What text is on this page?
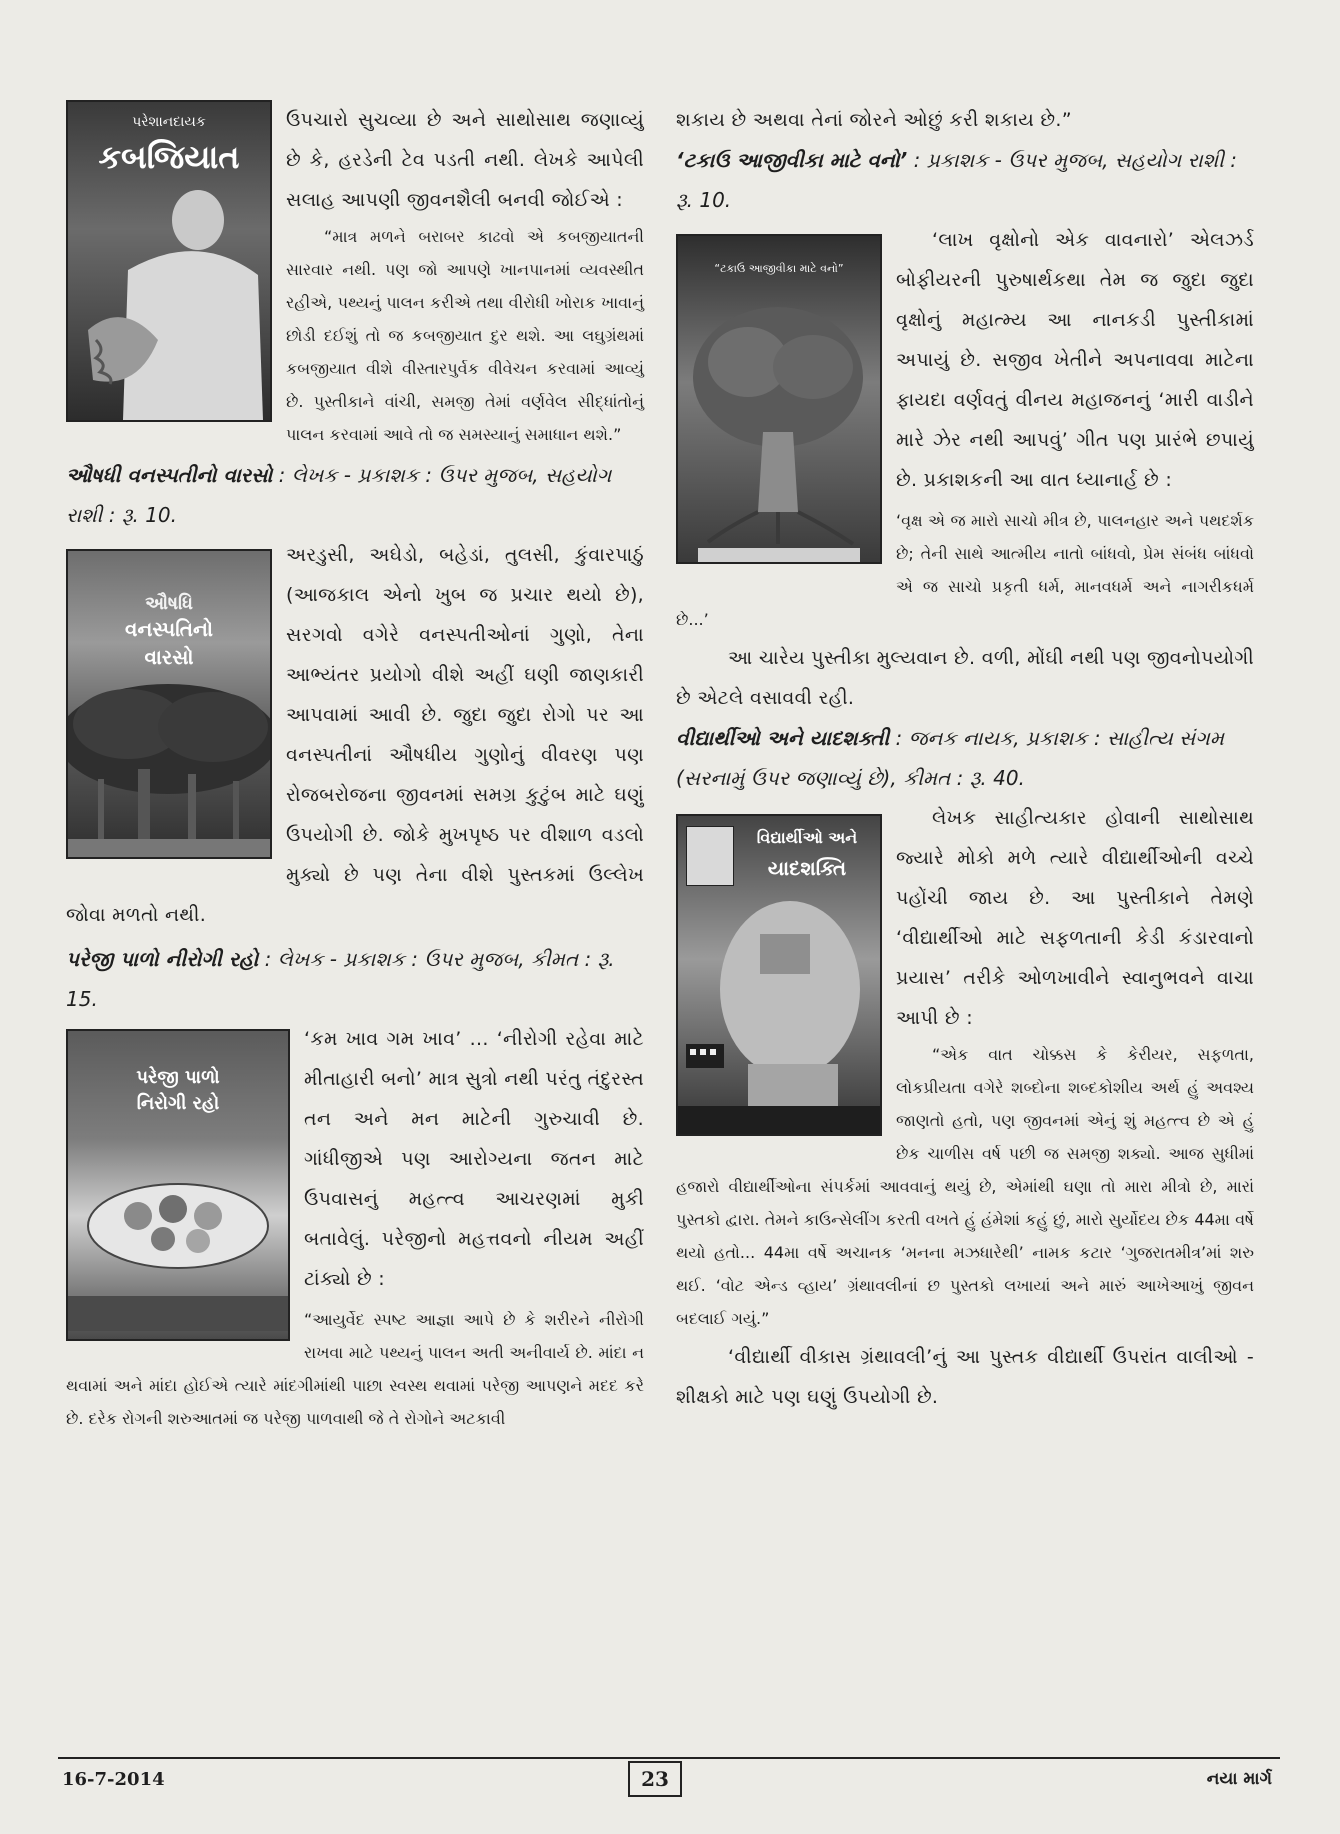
પરેશાનદાયક
કબજિયાત

ઉપચારો સુચવ્યા છે અને સાથોસાથ જણાવ્યું છે કે, હરડેની ટેવ પડતી નથી. લેખકે આપેલી સલાહ આપણી જીવનશૈલી બનવી જોઈએ :

“માત્ર મળને બરાબર કાઢવો એ કબજીયાતની સારવાર નથી. પણ જો આપણે ખાનપાનમાં વ્યવસ્થીત રહીએ, પથ્યનું પાલન કરીએ તથા વીરોધી ખોરાક ખાવાનું છોડી દઈશું તો જ કબજીયાત દુર થશે. આ લઘુગ્રંથમાં કબજીયાત વીશે વીસ્તારપુર્વક વીવેચન કરવામાં આવ્યું છે. પુસ્તીકાને વાંચી, સમજી તેમાં વર્ણવેલ સીદ્ધાંતોનું પાલન કરવામાં આવે તો જ સમસ્યાનું સમાધાન થશે.”

ઔષધી વનસ્પતીનો વારસો : લેખક - પ્રકાશક : ઉપર મુજબ, સહયોગ રાશી : રૂ. 10.

ઔષધિ
વનસ્પતિનો
વારસો

અરડુસી, અઘેડો, બહેડાં, તુલસી, કુંવારપાઠું (આજકાલ એનો ખુબ જ પ્રચાર થયો છે), સરગવો વગેરે વનસ્પતીઓનાં ગુણો, તેના આભ્યંતર પ્રયોગો વીશે અહીં ઘણી જાણકારી આપવામાં આવી છે. જુદા જુદા રોગો પર આ વનસ્પતીનાં ઔષધીય ગુણોનું વીવરણ પણ રોજબરોજના જીવનમાં સમગ્ર કુટુંબ માટે ઘણું ઉપયોગી છે. જોકે મુખપૃષ્ઠ પર વીશાળ વડલો મુક્યો છે પણ તેના વીશે પુસ્તકમાં ઉલ્લેખ જોવા મળતો નથી.

પરેજી પાળો નીરોગી રહો : લેખક - પ્રકાશક : ઉપર મુજબ, કીમત : રૂ. 15.

પરેજી પાળો
નિરોગી રહો

‘કમ ખાવ ગમ ખાવ’ ... ‘નીરોગી રહેવા માટે મીતાહારી બનો’ માત્ર સુત્રો નથી પરંતુ તંદુરસ્ત તન અને મન માટેની ગુરુચાવી છે. ગાંધીજીએ પણ આરોગ્યના જતન માટે ઉપવાસનું મહત્ત્વ આચરણમાં મુકી બતાવેલું. પરેજીનો મહત્તવનો નીયમ અહીં ટાંક્યો છે :

“આયુર્વેદ સ્પષ્ટ આજ્ઞા આપે છે કે શરીરને નીરોગી રાખવા માટે પથ્યનું પાલન અતી અનીવાર્ય છે. માંદા ન થવામાં અને માંદા હોઈએ ત્યારે માંદગીમાંથી પાછા સ્વસ્થ થવામાં પરેજી આપણને મદદ કરે છે. દરેક રોગની શરુઆતમાં જ પરેજી પાળવાથી જે તે રોગોને અટકાવી

શકાય છે અથવા તેનાં જોરને ઓછું કરી શકાય છે.”

‘ટકાઉ આજીવીકા માટે વનો’ : પ્રકાશક - ઉપર મુજબ, સહયોગ રાશી : રૂ. 10.

“ટકાઉ આજીવીકા માટે વનો”

‘લાખ વૃક્ષોનો એક વાવનારો’ એલઝર્ડ બોફીયરની પુરુષાર્થકથા તેમ જ જુદા જુદા વૃક્ષોનું મહાત્મ્ય આ નાનકડી પુસ્તીકામાં અપાયું છે. સજીવ ખેતીને અપનાવવા માટેના ફાયદા વર્ણવતું વીનય મહાજનનું ‘મારી વાડીને મારે ઝેર નથી આપવું’ ગીત પણ પ્રારંભે છપાયું છે. પ્રકાશકની આ વાત ધ્યાનાર્હ છે :

‘વૃક્ષ એ જ મારો સાચો મીત્ર છે, પાલનહાર અને પથદર્શક છે; તેની સાથે આત્મીય નાતો બાંધવો, પ્રેમ સંબંધ બાંધવો એ જ સાચો પ્રકૃતી ધર્મ, માનવધર્મ અને નાગરીકધર્મ છે...’

આ ચારેય પુસ્તીકા મુલ્યવાન છે. વળી, મોંઘી નથી પણ જીવનોપયોગી છે એટલે વસાવવી રહી.

વીદ્યાર્થીઓ અને યાદશક્તી : જનક નાયક, પ્રકાશક : સાહીત્ય સંગમ (સરનામું ઉપર જણાવ્યું છે), કીમત : રૂ. 40.

વિદ્યાર્થીઓ અને
યાદશક્તિ

લેખક સાહીત્યકાર હોવાની સાથોસાથ જ્યારે મોકો મળે ત્યારે વીદ્યાર્થીઓની વચ્ચે પહોંચી જાય છે. આ પુસ્તીકાને તેમણે ‘વીદ્યાર્થીઓ માટે સફળતાની કેડી કંડારવાનો પ્રયાસ’ તરીકે ઓળખાવીને સ્વાનુભવને વાચા આપી છે :

“એક વાત ચોક્કસ કે કેરીયર, સફળતા, લોકપ્રીયતા વગેરે શબ્દોના શબ્દકોશીય અર્થ હું અવશ્ય જાણતો હતો, પણ જીવનમાં એનું શું મહત્ત્વ છે એ હું છેક ચાળીસ વર્ષ પછી જ સમજી શક્યો. આજ સુધીમાં હજારો વીદ્યાર્થીઓના સંપર્કમાં આવવાનું થયું છે, એમાંથી ઘણા તો મારા મીત્રો છે, મારાં પુસ્તકો દ્વારા. તેમને કાઉન્સેલીંગ કરતી વખતે હું હંમેશાં કહું છું, મારો સુર્યોદય છેક 44મા વર્ષે થયો હતો... 44મા વર્ષે અચાનક ‘મનના મઝધારેથી’ નામક કટાર ‘ગુજરાતમીત્ર’માં શરુ થઈ. ‘વોટ એન્ડ વ્હાય’ ગ્રંથાવલીનાં છ પુસ્તકો લખાયાં અને મારું આખેઆખું જીવન બદલાઈ ગયું.”

‘વીદ્યાર્થી વીકાસ ગ્રંથાવલી’નું આ પુસ્તક વીદ્યાર્થી ઉપરાંત વાલીઓ - શીક્ષકો માટે પણ ઘણું ઉપયોગી છે.

16-7-2014	23	નયા માર્ગ
